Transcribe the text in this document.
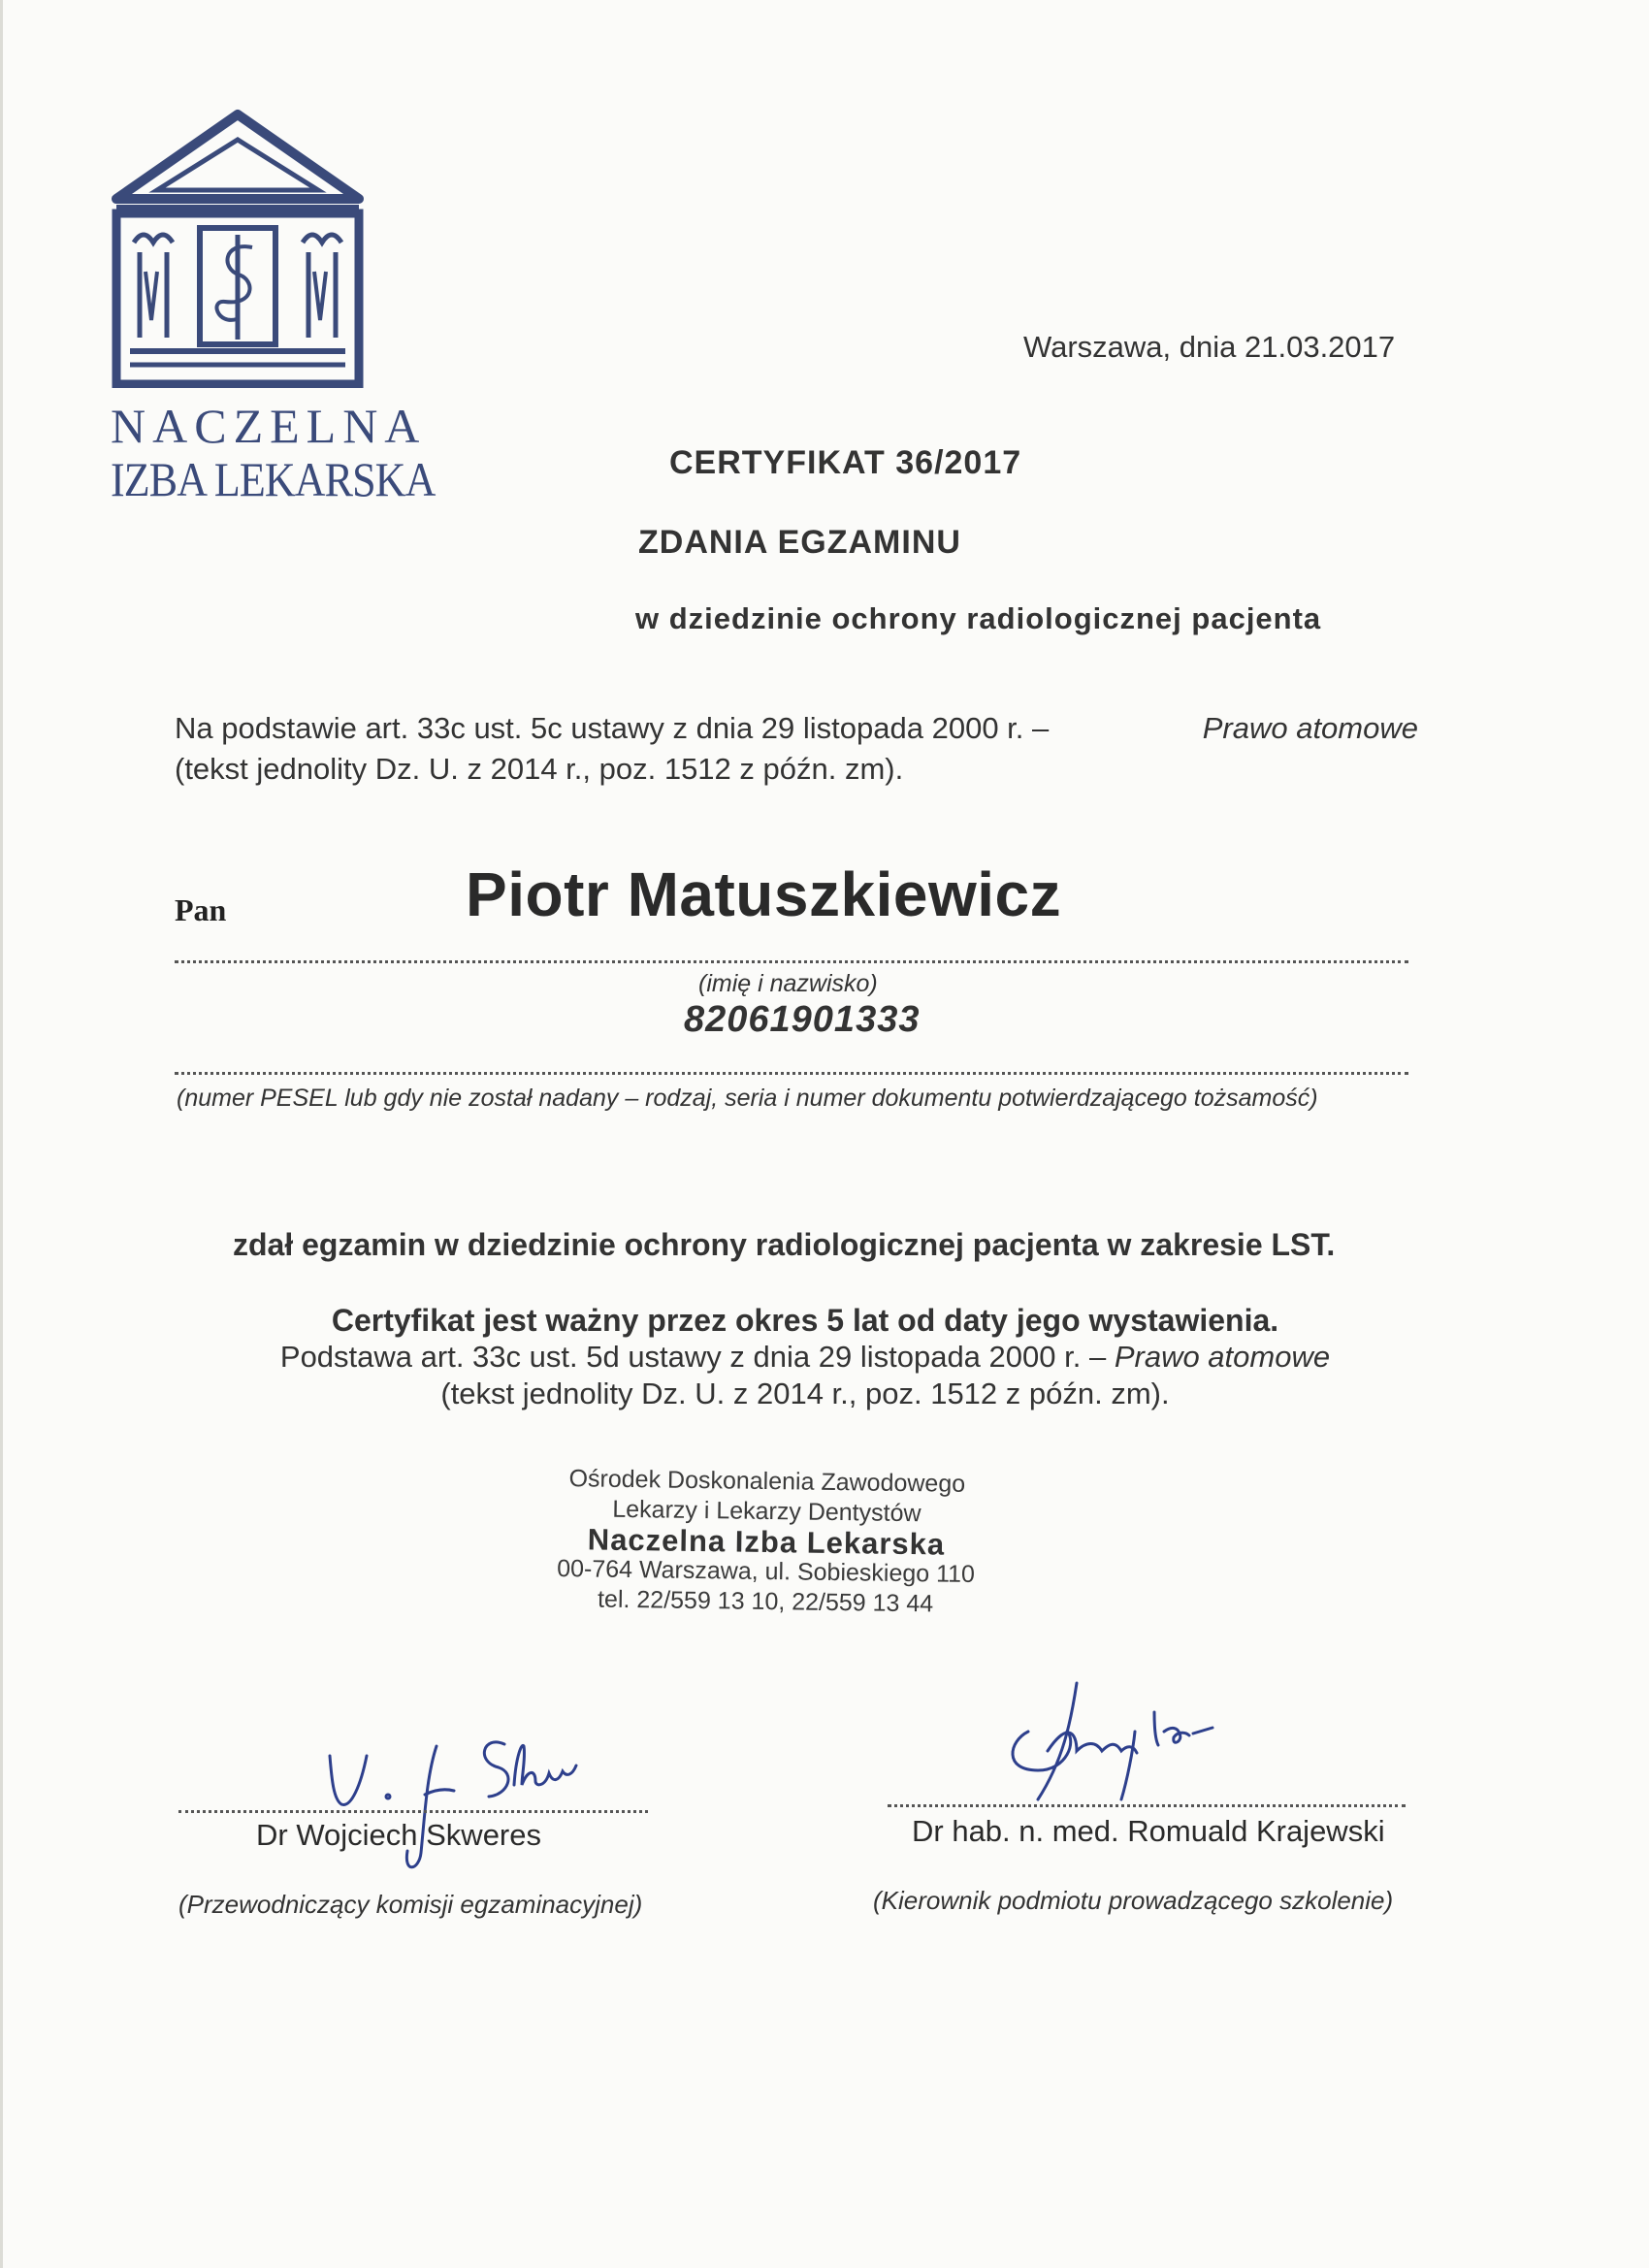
NACZELNA
IZBA LEKARSKA
Warszawa, dnia 21.03.2017
CERTYFIKAT 36/2017
ZDANIA EGZAMINU
w dziedzinie ochrony radiologicznej pacjenta
Na podstawie art. 33c ust. 5c ustawy z dnia 29 listopada 2000 r. –	Prawo atomowe
(tekst jednolity Dz. U. z 2014 r., poz. 1512 z późn. zm).
Pan	Piotr Matuszkiewicz
(imię i nazwisko)
82061901333
(numer PESEL lub gdy nie został nadany – rodzaj, seria i numer dokumentu potwierdzającego tożsamość)
zdał egzamin w dziedzinie ochrony radiologicznej pacjenta w zakresie LST.
Certyfikat jest ważny przez okres 5 lat od daty jego wystawienia.
Podstawa art. 33c ust. 5d ustawy z dnia 29 listopada 2000 r. – Prawo atomowe
(tekst jednolity Dz. U. z 2014 r., poz. 1512 z późn. zm).
Ośrodek Doskonalenia Zawodowego
Lekarzy i Lekarzy Dentystów
Naczelna Izba Lekarska
00-764 Warszawa, ul. Sobieskiego 110
tel. 22/559 13 10, 22/559 13 44
Dr Wojciech Skweres
(Przewodniczący komisji egzaminacyjnej)
Dr hab. n. med. Romuald Krajewski
(Kierownik podmiotu prowadzącego szkolenie)
